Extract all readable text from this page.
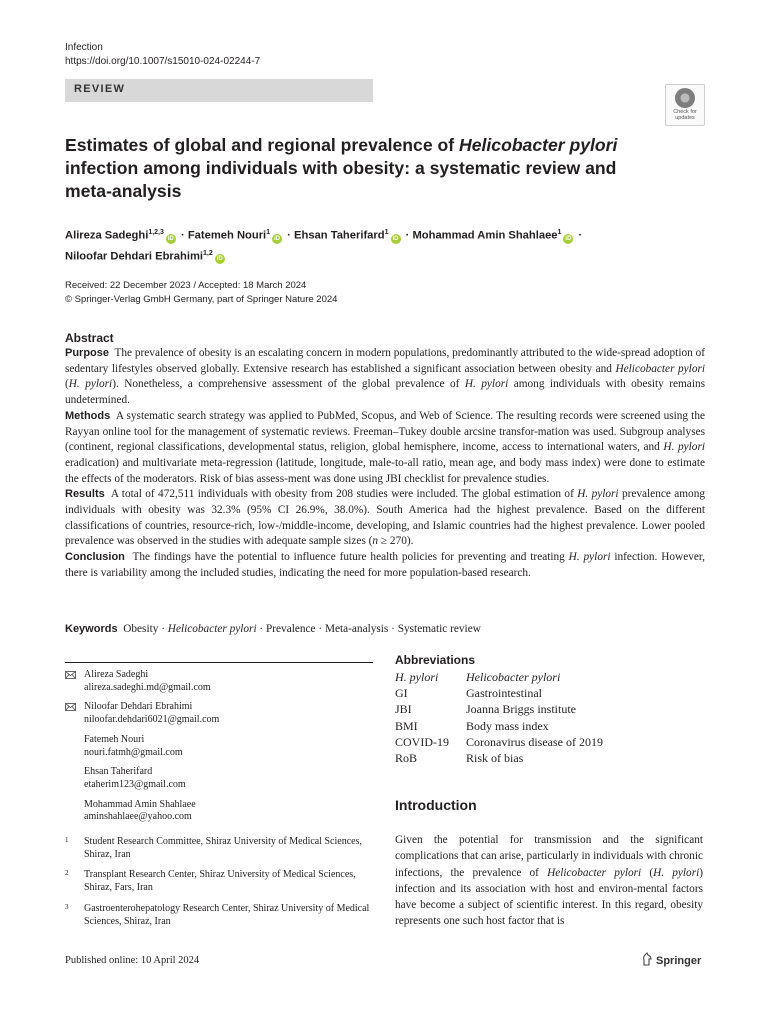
Infection
https://doi.org/10.1007/s15010-024-02244-7
REVIEW
Check for
updates
Estimates of global and regional prevalence of Helicobacter pylori infection among individuals with obesity: a systematic review and meta-analysis
Alireza Sadeghi$^{1,2,3}$iD · Fatemeh Nouri$^1$iD · Ehsan Taherifard$^1$iD · Mohammad Amin Shahlaee$^1$iD ·
Niloofar Dehdari Ebrahimi$^{1,2}$iD
Received: 22 December 2023 / Accepted: 18 March 2024
© Springer-Verlag GmbH Germany, part of Springer Nature 2024
Abstract

Purpose The prevalence of obesity is an escalating concern in modern populations, predominantly attributed to the wide-spread adoption of sedentary lifestyles observed globally. Extensive research has established a significant association between obesity and Helicobacter pylori (H. pylori). Nonetheless, a comprehensive assessment of the global prevalence of H. pylori among individuals with obesity remains undetermined.

Methods A systematic search strategy was applied to PubMed, Scopus, and Web of Science. The resulting records were screened using the Rayyan online tool for the management of systematic reviews. Freeman–Tukey double arcsine transfor-mation was used. Subgroup analyses (continent, regional classifications, developmental status, religion, global hemisphere, income, access to international waters, and H. pylori eradication) and multivariate meta-regression (latitude, longitude, male-to-all ratio, mean age, and body mass index) were done to estimate the effects of the moderators. Risk of bias assess-ment was done using JBI checklist for prevalence studies.

Results A total of 472,511 individuals with obesity from 208 studies were included. The global estimation of H. pylori prevalence among individuals with obesity was 32.3% (95% CI 26.9%, 38.0%). South America had the highest prevalence. Based on the different classifications of countries, resource-rich, low-/middle-income, developing, and Islamic countries had the highest prevalence. Lower pooled prevalence was observed in the studies with adequate sample sizes (n ≥ 270).

Conclusion The findings have the potential to influence future health policies for preventing and treating H. pylori infection. However, there is variability among the included studies, indicating the need for more population-based research.

Keywords Obesity · Helicobacter pylori · Prevalence · Meta-analysis · Systematic review
Alireza Sadeghi
alireza.sadeghi.md@gmail.com
Niloofar Dehdari Ebrahimi
niloofar.dehdari6021@gmail.com
Fatemeh Nouri
nouri.fatmh@gmail.com
Ehsan Taherifard
etaherim123@gmail.com
Mohammad Amin Shahlaee
aminshahlaee@yahoo.com
1 Student Research Committee, Shiraz University of Medical Sciences, Shiraz, Iran
2 Transplant Research Center, Shiraz University of Medical Sciences, Shiraz, Fars, Iran
3 Gastroenterohepatology Research Center, Shiraz University of Medical Sciences, Shiraz, Iran
Abbreviations
H. pylori	Helicobacter pylori
GI	Gastrointestinal
JBI	Joanna Briggs institute
BMI	Body mass index
COVID-19	Coronavirus disease of 2019
RoB	Risk of bias
Introduction
Given the potential for transmission and the significant complications that can arise, particularly in individuals with chronic infections, the prevalence of Helicobacter pylori (H. pylori) infection and its association with host and environ-mental factors have become a subject of scientific interest. In this regard, obesity represents one such host factor that is
Published online: 10 April 2024	Springer
